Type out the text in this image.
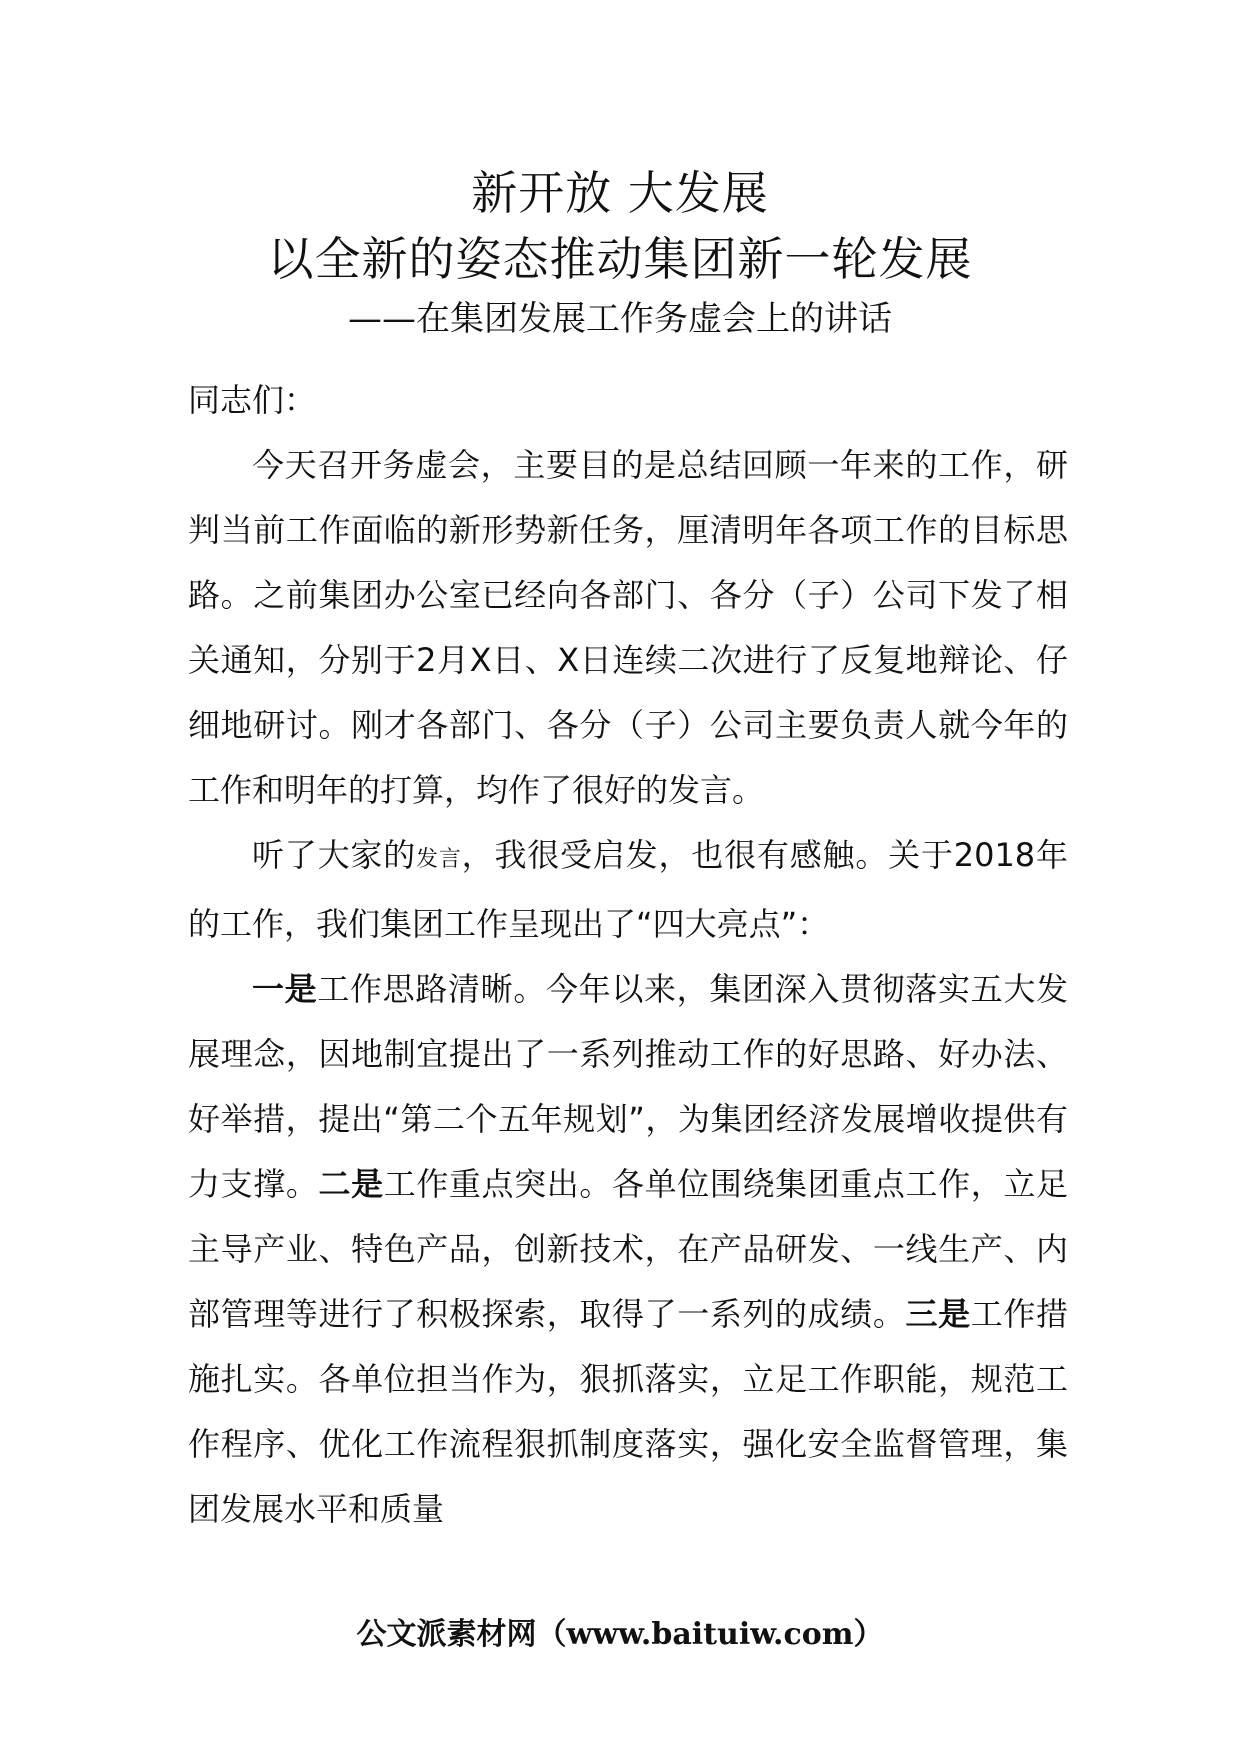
新开放 大发展
以全新的姿态推动集团新一轮发展
——在集团发展工作务虚会上的讲话

同志们：

今天召开务虚会，主要目的是总结回顾一年来的工作，研判当前工作面临的新形势新任务，厘清明年各项工作的目标思路。之前集团办公室已经向各部门、各分（子）公司下发了相关通知，分别于2月X日、X日连续二次进行了反复地辩论、仔细地研讨。刚才各部门、各分（子）公司主要负责人就今年的工作和明年的打算，均作了很好的发言。

听了大家的发言，我很受启发，也很有感触。关于2018年的工作，我们集团工作呈现出了“四大亮点”：

一是工作思路清晰。今年以来，集团深入贯彻落实五大发展理念，因地制宜提出了一系列推动工作的好思路、好办法、好举措，提出“第二个五年规划”，为集团经济发展增收提供有力支撑。二是工作重点突出。各单位围绕集团重点工作，立足主导产业、特色产品，创新技术，在产品研发、一线生产、内部管理等进行了积极探索，取得了一系列的成绩。三是工作措施扎实。各单位担当作为，狠抓落实，立足工作职能，规范工作程序、优化工作流程狠抓制度落实，强化安全监督管理，集团发展水平和质量

公文派素材网（www.baituiw.com）
